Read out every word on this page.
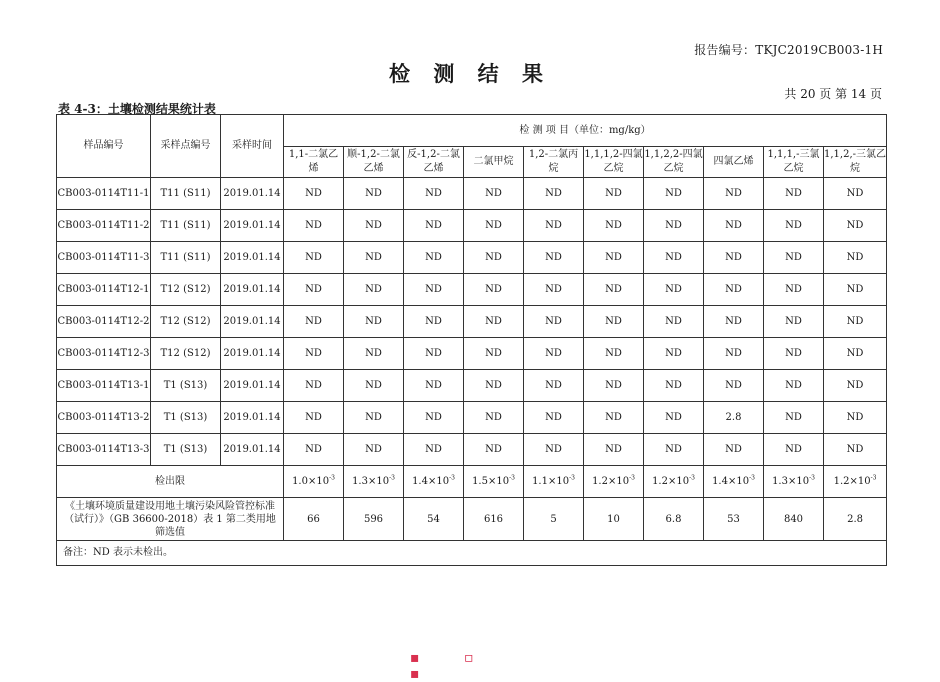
报告编号：TKJC2019CB003-1H
检 测 结 果
共 20 页 第 14 页
表 4-3：土壤检测结果统计表
样品编号	采样点编号	采样时间	检 测 项 目（单位：mg/kg）									
			1,1-二氯乙烯	顺-1,2-二氯乙烯	反-1,2-二氯乙烯	二氯甲烷	1,2-二氯丙烷	1,1,1,2-四氯乙烷	1,1,2,2-四氯乙烷	四氯乙烯	1,1,1,-三氯乙烷	1,1,2,-三氯乙烷
CB003-0114T11-1	T11 (S11)	2019.01.14	ND	ND	ND	ND	ND	ND	ND	ND	ND	ND
CB003-0114T11-2	T11 (S11)	2019.01.14	ND	ND	ND	ND	ND	ND	ND	ND	ND	ND
CB003-0114T11-3	T11 (S11)	2019.01.14	ND	ND	ND	ND	ND	ND	ND	ND	ND	ND
CB003-0114T12-1	T12 (S12)	2019.01.14	ND	ND	ND	ND	ND	ND	ND	ND	ND	ND
CB003-0114T12-2	T12 (S12)	2019.01.14	ND	ND	ND	ND	ND	ND	ND	ND	ND	ND
CB003-0114T12-3	T12 (S12)	2019.01.14	ND	ND	ND	ND	ND	ND	ND	ND	ND	ND
CB003-0114T13-1	T1 (S13)	2019.01.14	ND	ND	ND	ND	ND	ND	ND	ND	ND	ND
CB003-0114T13-2	T1 (S13)	2019.01.14	ND	ND	ND	ND	ND	ND	ND	2.8	ND	ND
CB003-0114T13-3	T1 (S13)	2019.01.14	ND	ND	ND	ND	ND	ND	ND	ND	ND	ND
检出限			$1.0\times 10^{-3}$	$1.3\times 10^{-3}$	$1.4\times 10^{-3}$	$1.5\times 10^{-3}$	$1.1\times 10^{-3}$	$1.2\times 10^{-3}$	$1.2\times 10^{-3}$	$1.4\times 10^{-3}$	$1.3\times 10^{-3}$	$1.2\times 10^{-3}$
《土壤环境质量建设用地土壤污染风险管控标准（试行）》（GB 36600-2018）表 1 第二类用地筛选值			66	596	54	616	5	10	6.8	53	840	2.8
备注：ND 表示未检出。												
▪ ▫ ▪
